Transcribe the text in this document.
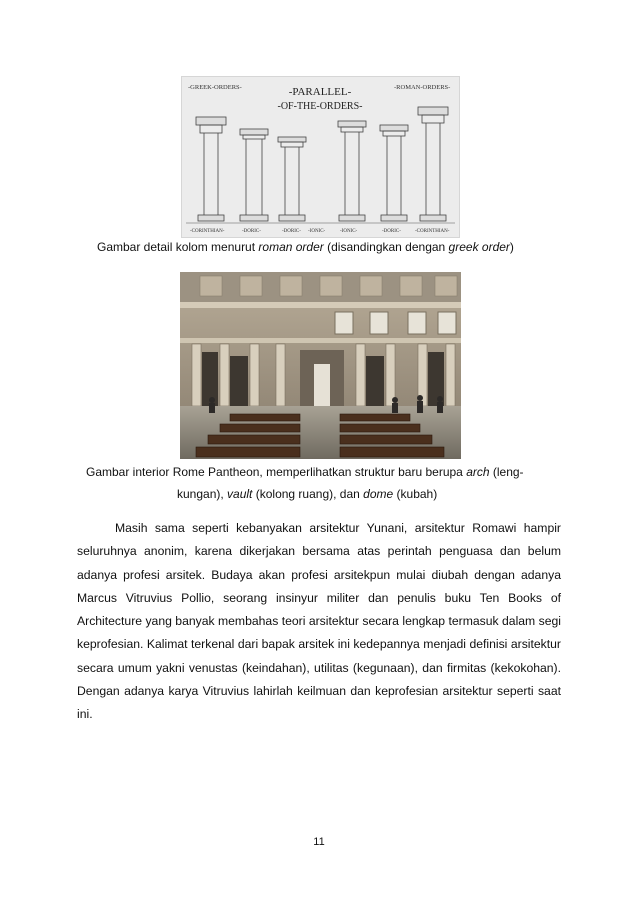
-GREEK-ORDERS-	-ROMAN-ORDERS-
-PARALLEL-
-OF-THE-ORDERS-
-CORINTHIAN-	-DORIC-	-DORIC- -IONIC-	-IONIC-	-DORIC-	-CORINTHIAN-
Gambar detail kolom menurut roman order (disandingkan dengan greek order)
Gambar interior Rome Pantheon, memperlihatkan struktur baru berupa arch (leng-
kungan), vault (kolong ruang), dan dome (kubah)

Masih sama seperti kebanyakan arsitektur Yunani, arsitektur Romawi hampir seluruhnya anonim, karena dikerjakan bersama atas perintah penguasa dan belum adanya profesi arsitek. Budaya akan profesi arsitekpun mulai diubah dengan adanya Marcus Vitruvius Pollio, seorang insinyur militer dan penulis buku Ten Books of Architecture yang banyak membahas teori arsitektur secara lengkap termasuk dalam segi keprofesian. Kalimat terkenal dari bapak arsitek ini kedepannya menjadi definisi arsitektur secara umum yakni venustas (keindahan), utilitas (kegunaan), dan firmitas (kekokohan). Dengan adanya karya Vitruvius lahirlah keilmuan dan keprofesian arsitektur seperti saat ini.

11
